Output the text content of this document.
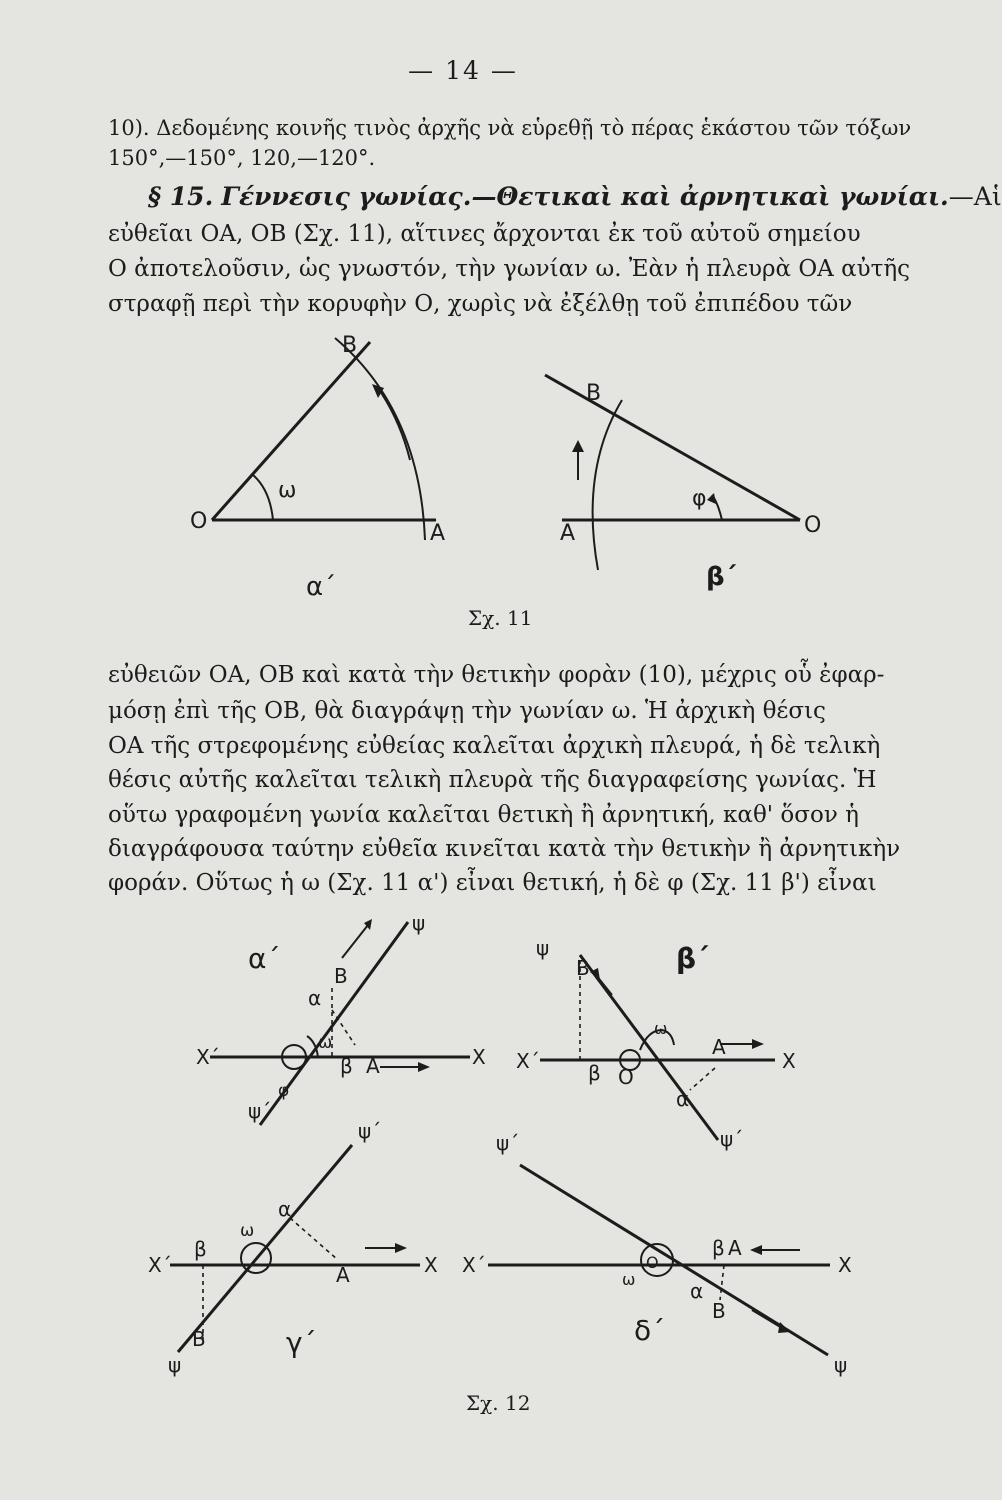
— 14 —
10). Δεδομένης κοινῆς τινὸς ἀρχῆς νὰ εὑρεθῇ τὸ πέρας ἑκάστου τῶν τόξων
150°,—150°, 120,—120°.
§ 15. Γέννεσις γωνίας.—Θετικαὶ καὶ ἀρνητικαὶ γωνίαι.—Αἱ
εὐθεῖαι ΟΑ, ΟΒ (Σχ. 11), αἵτινες ἄρχονται ἐκ τοῦ αὐτοῦ σημείου
Ο ἀποτελοῦσιν, ὡς γνωστόν, τὴν γωνίαν ω. Ἐὰν ἡ πλευρὰ ΟΑ αὐτῆς
στραφῇ περὶ τὴν κορυφὴν Ο, χωρὶς νὰ ἐξέλθῃ τοῦ ἐπιπέδου τῶν
O	A
B
ω
α΄
B
A	O
φ
β΄
Σχ. 11
εὐθειῶν ΟΑ, ΟΒ καὶ κατὰ τὴν θετικὴν φορὰν (10), μέχρις οὗ ἐφαρ-
μόσῃ ἐπὶ τῆς ΟΒ, θὰ διαγράψῃ τὴν γωνίαν ω. Ἡ ἀρχικὴ θέσις
ΟΑ τῆς στρεφομένης εὐθείας καλεῖται ἀρχικὴ πλευρά, ἡ δὲ τελικὴ
θέσις αὐτῆς καλεῖται τελικὴ πλευρὰ τῆς διαγραφείσης γωνίας. Ἡ
οὕτω γραφομένη γωνία καλεῖται θετικὴ ἢ ἀρνητική, καθ' ὅσον ἡ
διαγράφουσα ταύτην εὐθεῖα κινεῖται κατὰ τὴν θετικὴν ἢ ἀρνητικὴν
φοράν. Οὕτως ἡ ω (Σχ. 11 α') εἶναι θετική, ἡ δὲ φ (Σχ. 11 β') εἶναι
α΄
ψ
ψ΄
B
α
ω
φ
β A	X
X΄
β΄
ψ
ψ΄
B
β O
ω
A
X
X΄
α
γ΄
ψ΄
ψ
α
ω
β
A	X
X΄
B	δ΄
ψ΄
ψ
β A
X
X΄	O
ω	α
B
Σχ. 12
